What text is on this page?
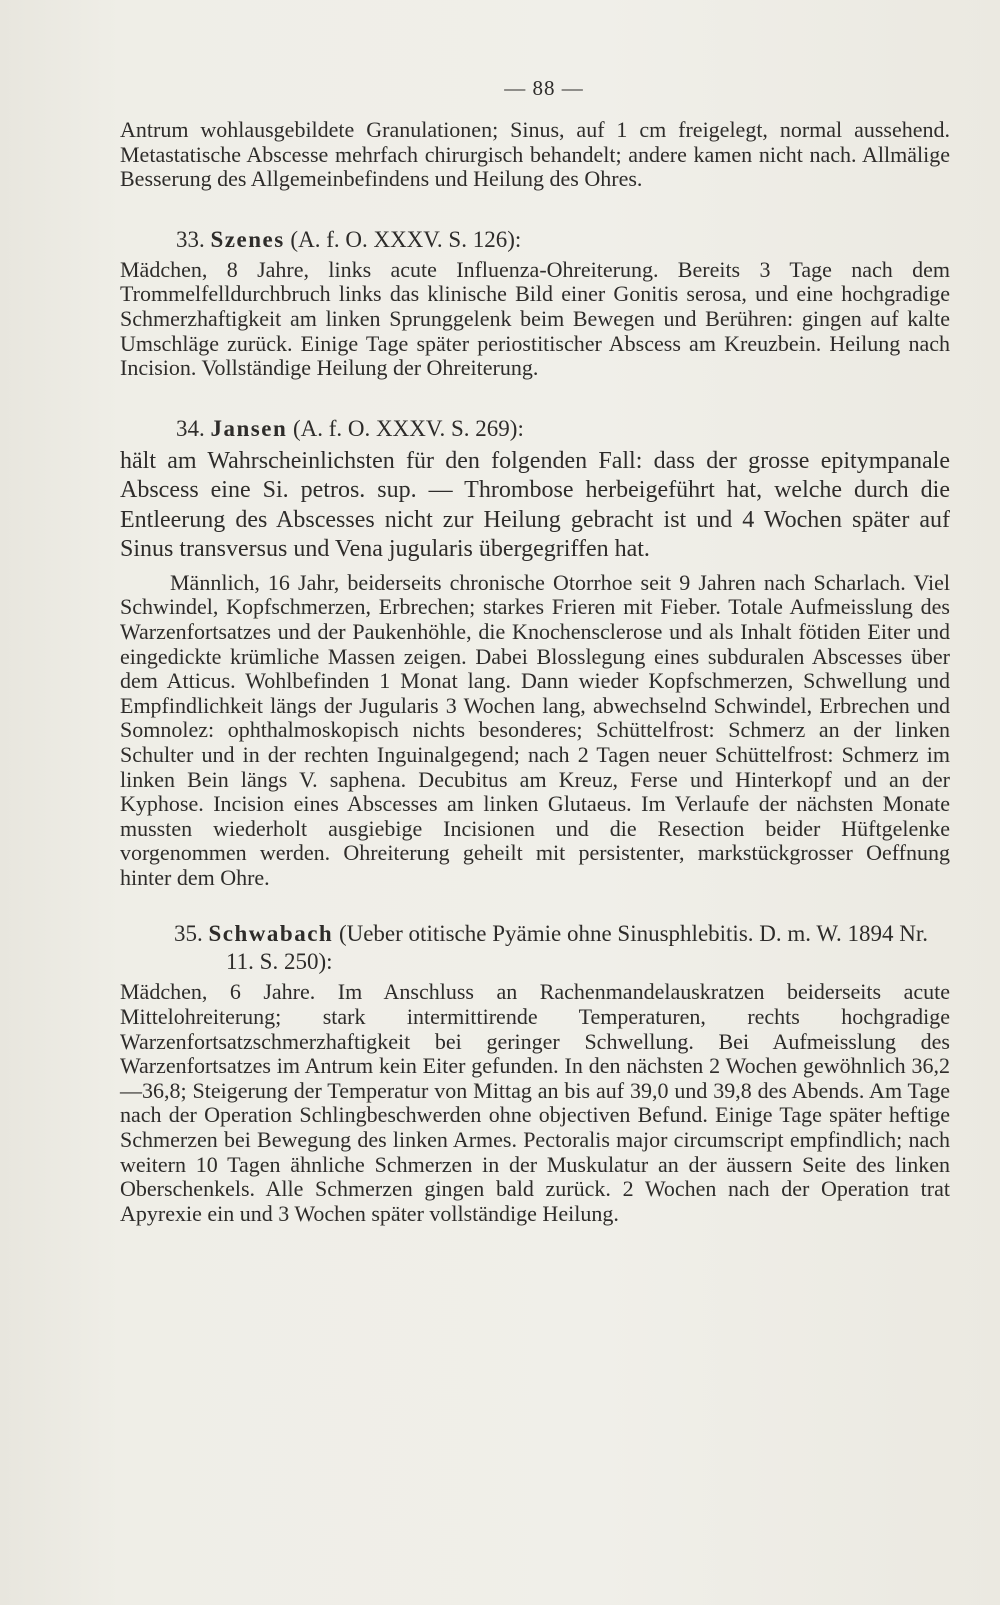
— 88 —

Antrum wohlausgebildete Granulationen; Sinus, auf 1 cm freigelegt, normal aussehend. Metastatische Abscesse mehrfach chirurgisch behandelt; andere kamen nicht nach. Allmälige Besserung des Allgemeinbefindens und Heilung des Ohres.

33. Szenes (A. f. O. XXXV. S. 126):

Mädchen, 8 Jahre, links acute Influenza-Ohreiterung. Bereits 3 Tage nach dem Trommelfelldurchbruch links das klinische Bild einer Gonitis serosa, und eine hochgradige Schmerzhaftigkeit am linken Sprunggelenk beim Bewegen und Berühren: gingen auf kalte Umschläge zurück. Einige Tage später periostitischer Abscess am Kreuzbein. Heilung nach Incision. Vollständige Heilung der Ohreiterung.

34. Jansen (A. f. O. XXXV. S. 269):

hält am Wahrscheinlichsten für den folgenden Fall: dass der grosse epitympanale Abscess eine Si. petros. sup. — Thrombose herbeigeführt hat, welche durch die Entleerung des Abscesses nicht zur Heilung gebracht ist und 4 Wochen später auf Sinus transversus und Vena jugularis übergegriffen hat.

Männlich, 16 Jahr, beiderseits chronische Otorrhoe seit 9 Jahren nach Scharlach. Viel Schwindel, Kopfschmerzen, Erbrechen; starkes Frieren mit Fieber. Totale Aufmeisslung des Warzenfortsatzes und der Paukenhöhle, die Knochensclerose und als Inhalt fötiden Eiter und eingedickte krümliche Massen zeigen. Dabei Blosslegung eines subduralen Abscesses über dem Atticus. Wohlbefinden 1 Monat lang. Dann wieder Kopfschmerzen, Schwellung und Empfindlichkeit längs der Jugularis 3 Wochen lang, abwechselnd Schwindel, Erbrechen und Somnolez: ophthalmoskopisch nichts besonderes; Schüttelfrost: Schmerz an der linken Schulter und in der rechten Inguinalgegend; nach 2 Tagen neuer Schüttelfrost: Schmerz im linken Bein längs V. saphena. Decubitus am Kreuz, Ferse und Hinterkopf und an der Kyphose. Incision eines Abscesses am linken Glutaeus. Im Verlaufe der nächsten Monate mussten wiederholt ausgiebige Incisionen und die Resection beider Hüftgelenke vorgenommen werden. Ohreiterung geheilt mit persistenter, markstückgrosser Oeffnung hinter dem Ohre.

35. Schwabach (Ueber otitische Pyämie ohne Sinusphlebitis. D. m. W. 1894 Nr. 11. S. 250):

Mädchen, 6 Jahre. Im Anschluss an Rachenmandelauskratzen beiderseits acute Mittelohreiterung; stark intermittirende Temperaturen, rechts hochgradige Warzenfortsatzschmerzhaftigkeit bei geringer Schwellung. Bei Aufmeisslung des Warzenfortsatzes im Antrum kein Eiter gefunden. In den nächsten 2 Wochen gewöhnlich 36,2—36,8; Steigerung der Temperatur von Mittag an bis auf 39,0 und 39,8 des Abends. Am Tage nach der Operation Schlingbeschwerden ohne objectiven Befund. Einige Tage später heftige Schmerzen bei Bewegung des linken Armes. Pectoralis major circumscript empfindlich; nach weitern 10 Tagen ähnliche Schmerzen in der Muskulatur an der äussern Seite des linken Oberschenkels. Alle Schmerzen gingen bald zurück. 2 Wochen nach der Operation trat Apyrexie ein und 3 Wochen später vollständige Heilung.
